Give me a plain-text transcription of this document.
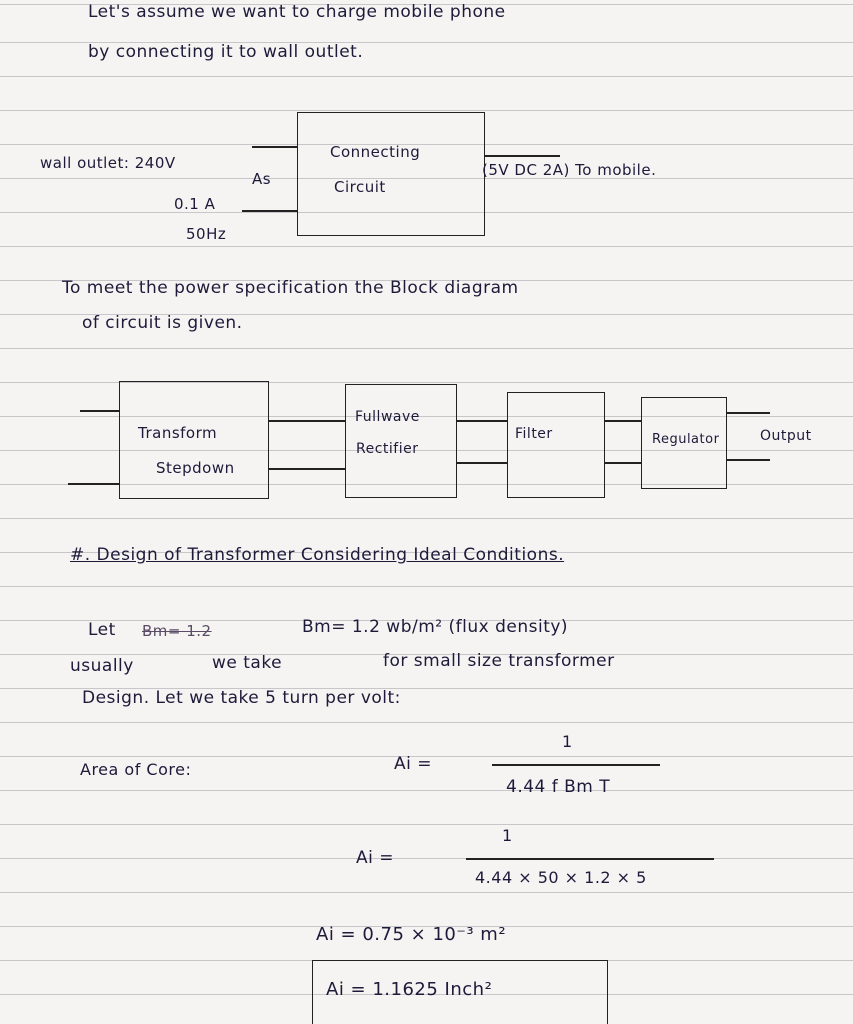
Let's assume we want to charge mobile phone
by connecting it to wall outlet.
wall outlet: 240V
As
0.1 A
50Hz
Connecting
Circuit
(5V DC 2A) To mobile.
To meet the power specification the Block diagram
of circuit is given.
Transform
Stepdown
Fullwave
Rectifier
Filter	Regulator	Output
#. Design of Transformer Considering Ideal Conditions.
Let Bm= 1.2	Bm= 1.2 wb/m² (flux density)
usually	we take	for small size transformer
Design. Let we take 5 turn per volt:
Area of Core:	Ai =
1
4.44 f Bm T
Ai =
1
4.44 × 50 × 1.2 × 5
Ai = 0.75 × 10⁻³ m²
Ai = 1.1625 Inch²
